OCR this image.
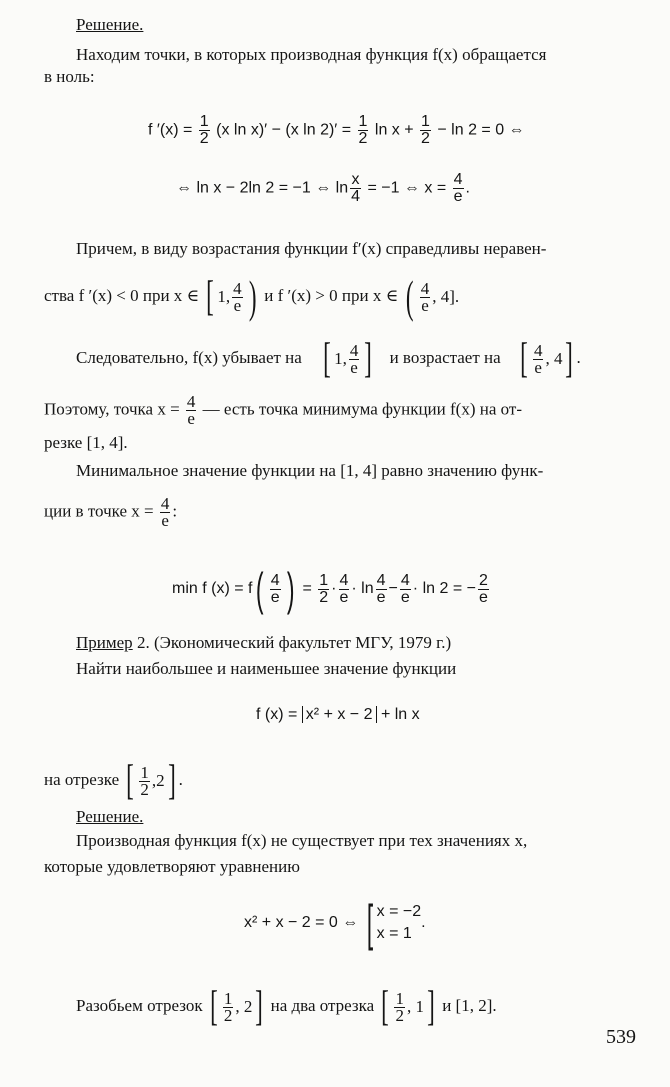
Решение.
Находим точки, в которых производная функция f(x) обращается
в ноль:
f $'(x) = \frac{1}{2} (x$ ln x)′ − (x $\ln 2)' = \frac{1}{2}$ $\ln x + \frac{1}{2} - \ln 2 = 0$ ⇔
⇔ ln x − 2ln 2 = −1 ⇔ $\ln \frac{x}{4} = -1$ ⇔ $x = \frac{4}{e}$ .
Причем, в виду возрастания функции f′(x) справедливы неравен-
ства f ′(x) < 0 при x ∈ [ 1, $\frac{4}{e}$ ) и f ′(x) > 0 при x ∈ ( $\frac{4}{e}$ , 4].
Следовательно, f(x) убывает на [ 1, $\frac{4}{e}$ ] и возрастает на [ $\frac{4}{e}$ , 4 ] .
Поэтому, точка $x = \frac{4}{e}$ — есть точка минимума функции f(x) на от-
резке [1, 4].
Минимальное значение функции на [1, 4] равно значению функ-
ции в точке $x = \frac{4}{e}$ :
min f (x) = f ( $\frac{4}{e}$ ) = $\frac{1}{2} \cdot \frac{4}{e} \cdot \ln \frac{4}{e} - \frac{4}{e} \cdot \ln 2$ = − $\frac{2}{e}$
Пример 2. (Экономический факультет МГУ, 1979 г.)
Найти наибольшее и наименьшее значение функции
f (x) = x² + x − 2 + ln x
на отрезке [ $\frac{1}{2} ,2$ ] .
Решение.
Производная функция f(x) не существует при тех значениях x,
которые удовлетворяют уравнению
x² + x − 2 = 0 ⇔ [ x = −2
x = 1
.
Разобьем отрезок [ $\frac{1}{2}$ , 2 ] на два отрезка [ $\frac{1}{2}$ , 1 ] и [1, 2].
539
